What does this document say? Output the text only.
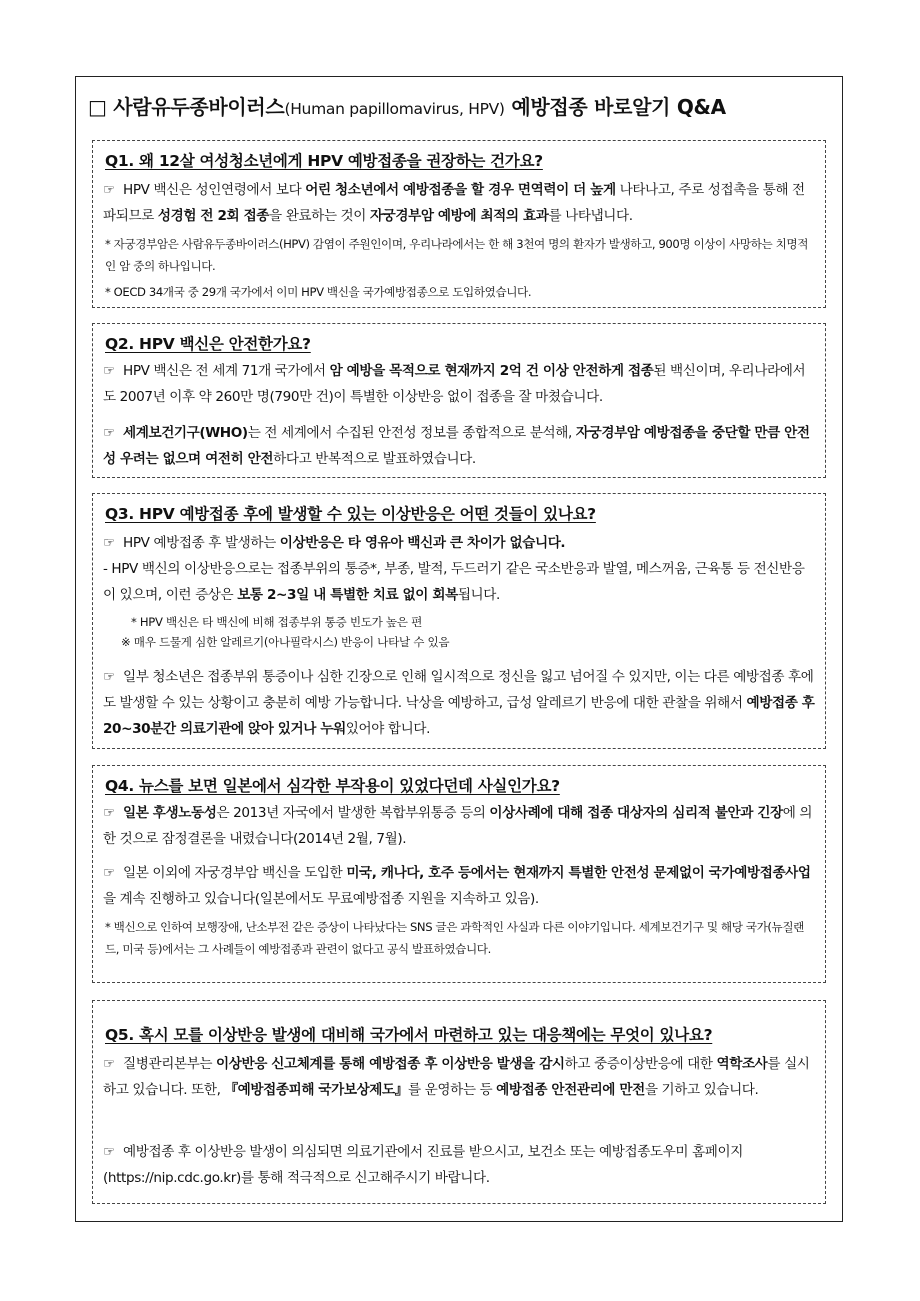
□ 사람유두종바이러스(Human papillomavirus, HPV) 예방접종 바로알기 Q&A
Q1. 왜 12살 여성청소년에게 HPV 예방접종을 권장하는 건가요?
☞ HPV 백신은 성인연령에서 보다 어린 청소년에서 예방접종을 할 경우 면역력이 더 높게 나타나고, 주로 성접촉을 통해 전파되므로 성경험 전 2회 접종을 완료하는 것이 자궁경부암 예방에 최적의 효과를 나타냅니다.
* 자궁경부암은 사람유두종바이러스(HPV) 감염이 주원인이며, 우리나라에서는 한 해 3천여 명의 환자가 발생하고, 900명 이상이 사망하는 치명적인 암 중의 하나입니다.
* OECD 34개국 중 29개 국가에서 이미 HPV 백신을 국가예방접종으로 도입하였습니다.
Q2. HPV 백신은 안전한가요?
☞ HPV 백신은 전 세계 71개 국가에서 암 예방을 목적으로 현재까지 2억 건 이상 안전하게 접종된 백신이며, 우리나라에서도 2007년 이후 약 260만 명(790만 건)이 특별한 이상반응 없이 접종을 잘 마쳤습니다.
☞ 세계보건기구(WHO)는 전 세계에서 수집된 안전성 정보를 종합적으로 분석해, 자궁경부암 예방접종을 중단할 만큼 안전성 우려는 없으며 여전히 안전하다고 반복적으로 발표하였습니다.
Q3. HPV 예방접종 후에 발생할 수 있는 이상반응은 어떤 것들이 있나요?
☞ HPV 예방접종 후 발생하는 이상반응은 타 영유아 백신과 큰 차이가 없습니다.
- HPV 백신의 이상반응으로는 접종부위의 통증*, 부종, 발적, 두드러기 같은 국소반응과 발열, 메스꺼움, 근육통 등 전신반응이 있으며, 이런 증상은 보통 2~3일 내 특별한 치료 없이 회복됩니다.
* HPV 백신은 타 백신에 비해 접종부위 통증 빈도가 높은 편
※ 매우 드물게 심한 알레르기(아나필락시스) 반응이 나타날 수 있음
☞ 일부 청소년은 접종부위 통증이나 심한 긴장으로 인해 일시적으로 정신을 잃고 넘어질 수 있지만, 이는 다른 예방접종 후에도 발생할 수 있는 상황이고 충분히 예방 가능합니다. 낙상을 예방하고, 급성 알레르기 반응에 대한 관찰을 위해서 예방접종 후 20~30분간 의료기관에 앉아 있거나 누워있어야 합니다.
Q4. 뉴스를 보면 일본에서 심각한 부작용이 있었다던데 사실인가요?
☞ 일본 후생노동성은 2013년 자국에서 발생한 복합부위통증 등의 이상사례에 대해 접종 대상자의 심리적 불안과 긴장에 의한 것으로 잠정결론을 내렸습니다(2014년 2월, 7월).
☞ 일본 이외에 자궁경부암 백신을 도입한 미국, 캐나다, 호주 등에서는 현재까지 특별한 안전성 문제없이 국가예방접종사업을 계속 진행하고 있습니다(일본에서도 무료예방접종 지원을 지속하고 있음).
* 백신으로 인하여 보행장애, 난소부전 같은 증상이 나타났다는 SNS 글은 과학적인 사실과 다른 이야기입니다. 세계보건기구 및 해당 국가(뉴질랜드, 미국 등)에서는 그 사례들이 예방접종과 관련이 없다고 공식 발표하였습니다.
Q5. 혹시 모를 이상반응 발생에 대비해 국가에서 마련하고 있는 대응책에는 무엇이 있나요?
☞ 질병관리본부는 이상반응 신고체계를 통해 예방접종 후 이상반응 발생을 감시하고 중증이상반응에 대한 역학조사를 실시하고 있습니다. 또한, 『예방접종피해 국가보상제도』를 운영하는 등 예방접종 안전관리에 만전을 기하고 있습니다.
☞ 예방접종 후 이상반응 발생이 의심되면 의료기관에서 진료를 받으시고, 보건소 또는 예방접종도우미 홈페이지(https://nip.cdc.go.kr)를 통해 적극적으로 신고해주시기 바랍니다.
